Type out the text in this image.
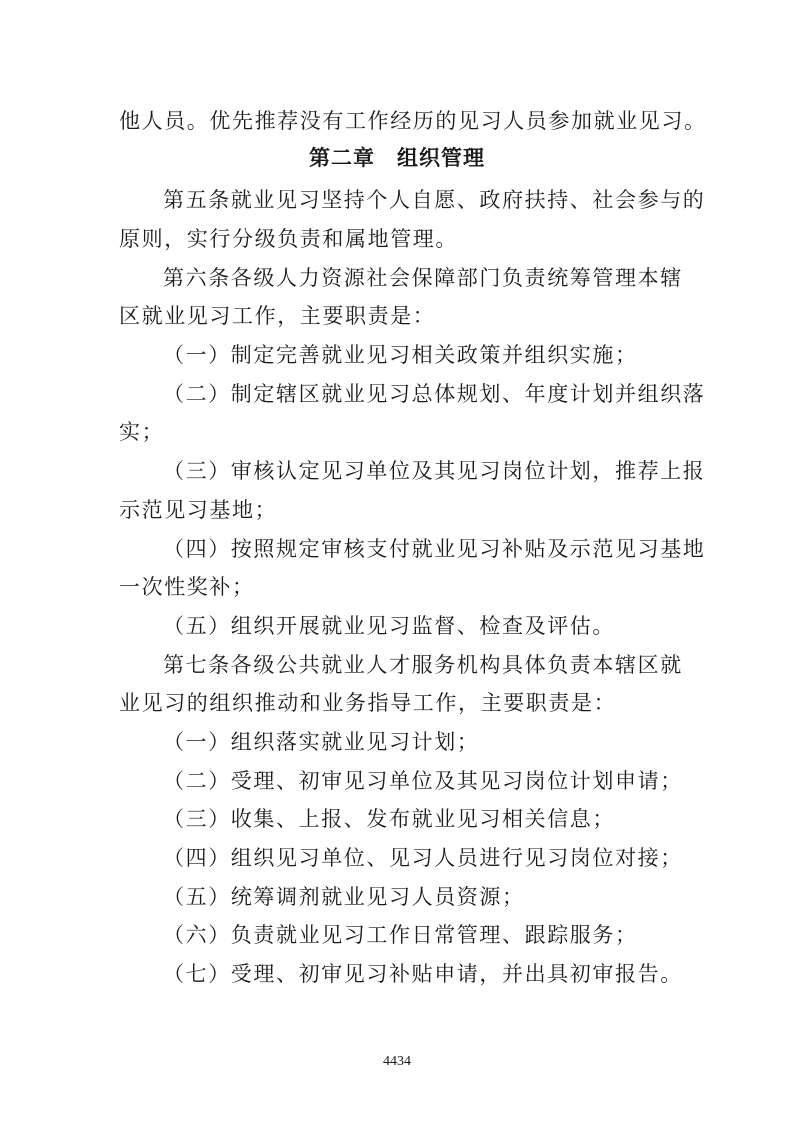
他人员。优先推荐没有工作经历的见习人员参加就业见习。
第二章　组织管理
第五条就业见习坚持个人自愿、政府扶持、社会参与的
原则，实行分级负责和属地管理。
第六条各级人力资源社会保障部门负责统筹管理本辖
区就业见习工作，主要职责是：
（一）制定完善就业见习相关政策并组织实施；
（二）制定辖区就业见习总体规划、年度计划并组织落
实；
（三）审核认定见习单位及其见习岗位计划，推荐上报
示范见习基地；
（四）按照规定审核支付就业见习补贴及示范见习基地
一次性奖补；
（五）组织开展就业见习监督、检查及评估。
第七条各级公共就业人才服务机构具体负责本辖区就
业见习的组织推动和业务指导工作，主要职责是：
（一）组织落实就业见习计划；
（二）受理、初审见习单位及其见习岗位计划申请；
（三）收集、上报、发布就业见习相关信息；
（四）组织见习单位、见习人员进行见习岗位对接；
（五）统筹调剂就业见习人员资源；
（六）负责就业见习工作日常管理、跟踪服务；
（七）受理、初审见习补贴申请，并出具初审报告。
4434
